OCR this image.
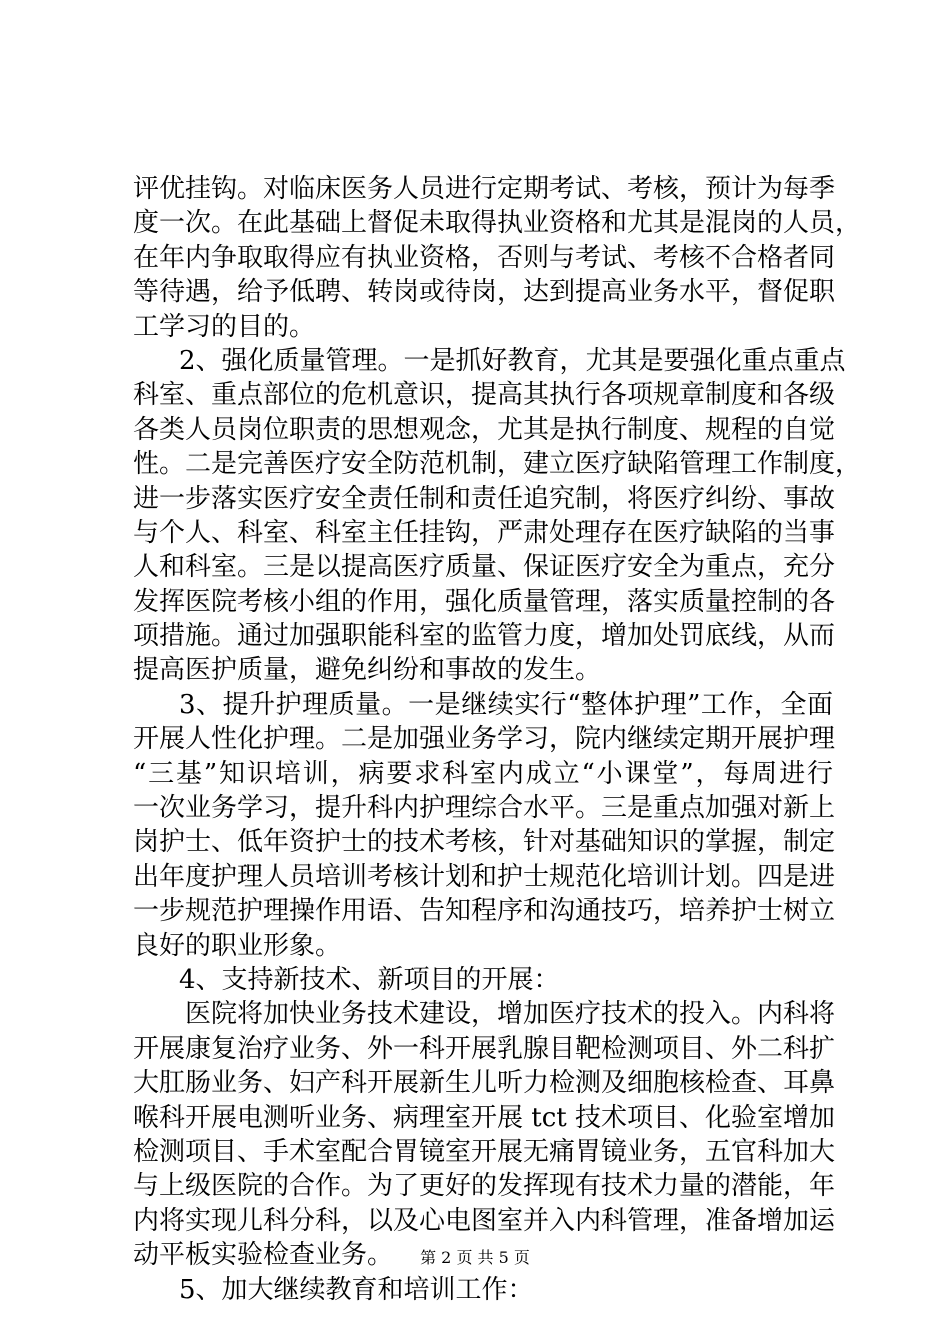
评优挂钩。对临床医务人员进行定期考试、考核，预计为每季
度一次。在此基础上督促未取得执业资格和尤其是混岗的人员，
在年内争取取得应有执业资格，否则与考试、考核不合格者同
等待遇，给予低聘、转岗或待岗，达到提高业务水平，督促职
工学习的目的。
2、强化质量管理。一是抓好教育，尤其是要强化重点重点
科室、重点部位的危机意识，提高其执行各项规章制度和各级
各类人员岗位职责的思想观念，尤其是执行制度、规程的自觉
性。二是完善医疗安全防范机制，建立医疗缺陷管理工作制度，
进一步落实医疗安全责任制和责任追究制，将医疗纠纷、事故
与个人、科室、科室主任挂钩，严肃处理存在医疗缺陷的当事
人和科室。三是以提高医疗质量、保证医疗安全为重点，充分
发挥医院考核小组的作用，强化质量管理，落实质量控制的各
项措施。通过加强职能科室的监管力度，增加处罚底线，从而
提高医护质量，避免纠纷和事故的发生。
3、提升护理质量。一是继续实行“整体护理”工作，全面
开展人性化护理。二是加强业务学习，院内继续定期开展护理
“三基”知识培训，病要求科室内成立“小课堂”，每周进行
一次业务学习，提升科内护理综合水平。三是重点加强对新上
岗护士、低年资护士的技术考核，针对基础知识的掌握，制定
出年度护理人员培训考核计划和护士规范化培训计划。四是进
一步规范护理操作用语、告知程序和沟通技巧，培养护士树立
良好的职业形象。
4、支持新技术、新项目的开展：
医院将加快业务技术建设，增加医疗技术的投入。内科将
开展康复治疗业务、外一科开展乳腺目靶检测项目、外二科扩
大肛肠业务、妇产科开展新生儿听力检测及细胞核检查、耳鼻
喉科开展电测听业务、病理室开展 tct 技术项目、化验室增加
检测项目、手术室配合胃镜室开展无痛胃镜业务，五官科加大
与上级医院的合作。为了更好的发挥现有技术力量的潜能，年
内将实现儿科分科，以及心电图室并入内科管理，准备增加运
动平板实验检查业务。
5、加大继续教育和培训工作：
第 2 页 共 5 页
